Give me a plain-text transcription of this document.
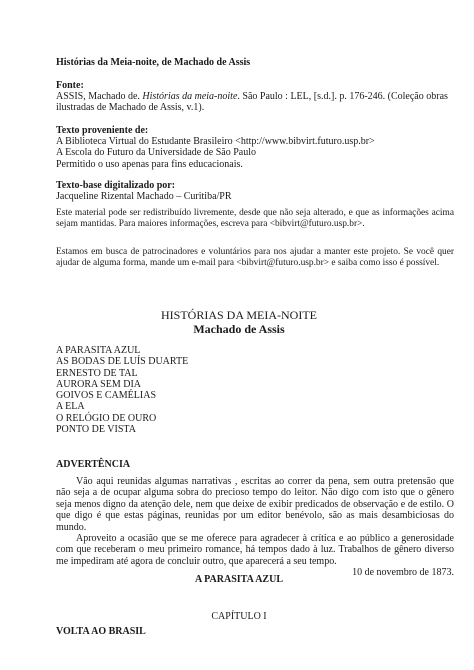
Histórias da Meia-noite, de Machado de Assis
Fonte:
ASSIS, Machado de. Histórias da meia-noite. São Paulo : LEL, [s.d.]. p. 176-246. (Coleção obras ilustradas de Machado de Assis, v.1).
Texto proveniente de:
A Biblioteca Virtual do Estudante Brasileiro <http://www.bibvirt.futuro.usp.br>
A Escola do Futuro da Universidade de São Paulo
Permitido o uso apenas para fins educacionais.
Texto-base digitalizado por:
Jacqueline Rizental Machado – Curitiba/PR
Este material pode ser redistribuído livremente, desde que não seja alterado, e que as informações acima sejam mantidas. Para maiores informações, escreva para <bibvirt@futuro.usp.br>.
Estamos em busca de patrocinadores e voluntários para nos ajudar a manter este projeto. Se você quer ajudar de alguma forma, mande um e-mail para <bibvirt@futuro.usp.br> e saiba como isso é possível.
HISTÓRIAS DA MEIA-NOITE
Machado de Assis
A PARASITA AZUL
AS BODAS DE LUÍS DUARTE
ERNESTO DE TAL
AURORA SEM DIA
GOIVOS E CAMÉLIAS
A ELA
O RELÓGIO DE OURO
PONTO DE VISTA
ADVERTÊNCIA

Vão aqui reunidas algumas narrativas , escritas ao correr da pena, sem outra pretensão que não seja a de ocupar alguma sobra do precioso tempo do leitor. Não digo com isto que o gênero seja menos digno da atenção dele, nem que deixe de exibir predicados de observação e de estilo. O que digo é que estas páginas, reunidas por um editor benévolo, são as mais desambiciosas do mundo.

Aproveito a ocasião que se me oferece para agradecer à crítica e ao público a generosidade com que receberam o meu primeiro romance, há tempos dado à luz. Trabalhos de gênero diverso me impediram até agora de concluir outro, que aparecerá a seu tempo.

10 de novembro de 1873.

A PARASITA AZUL
CAPÍTULO I
VOLTA AO BRASIL
